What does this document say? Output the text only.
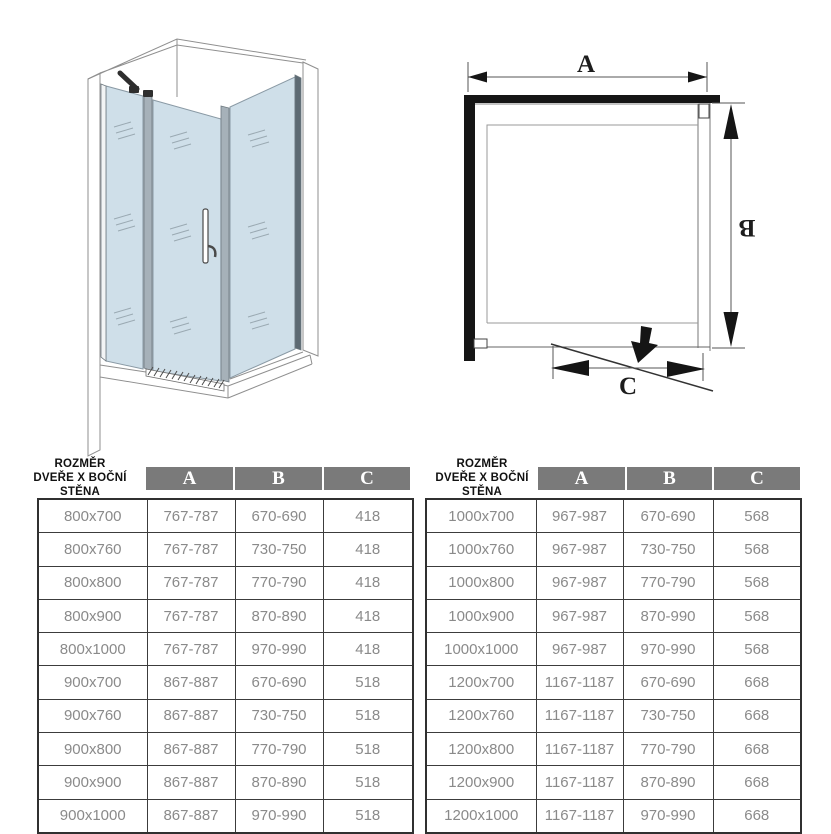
A
B
C
ROZMĚR
DVEŘE X BOČNÍ STĚNA
A	B	C
800x700	767-787	670-690	418
800x760	767-787	730-750	418
800x800	767-787	770-790	418
800x900	767-787	870-890	418
800x1000	767-787	970-990	418
900x700	867-887	670-690	518
900x760	867-887	730-750	518
900x800	867-887	770-790	518
900x900	867-887	870-890	518
900x1000	867-887	970-990	518
ROZMĚR
DVEŘE X BOČNÍ STĚNA
A	B	C
1000x700	967-987	670-690	568
1000x760	967-987	730-750	568
1000x800	967-987	770-790	568
1000x900	967-987	870-990	568
1000x1000	967-987	970-990	568
1200x700	1167-1187	670-690	668
1200x760	1167-1187	730-750	668
1200x800	1167-1187	770-790	668
1200x900	1167-1187	870-890	668
1200x1000	1167-1187	970-990	668
